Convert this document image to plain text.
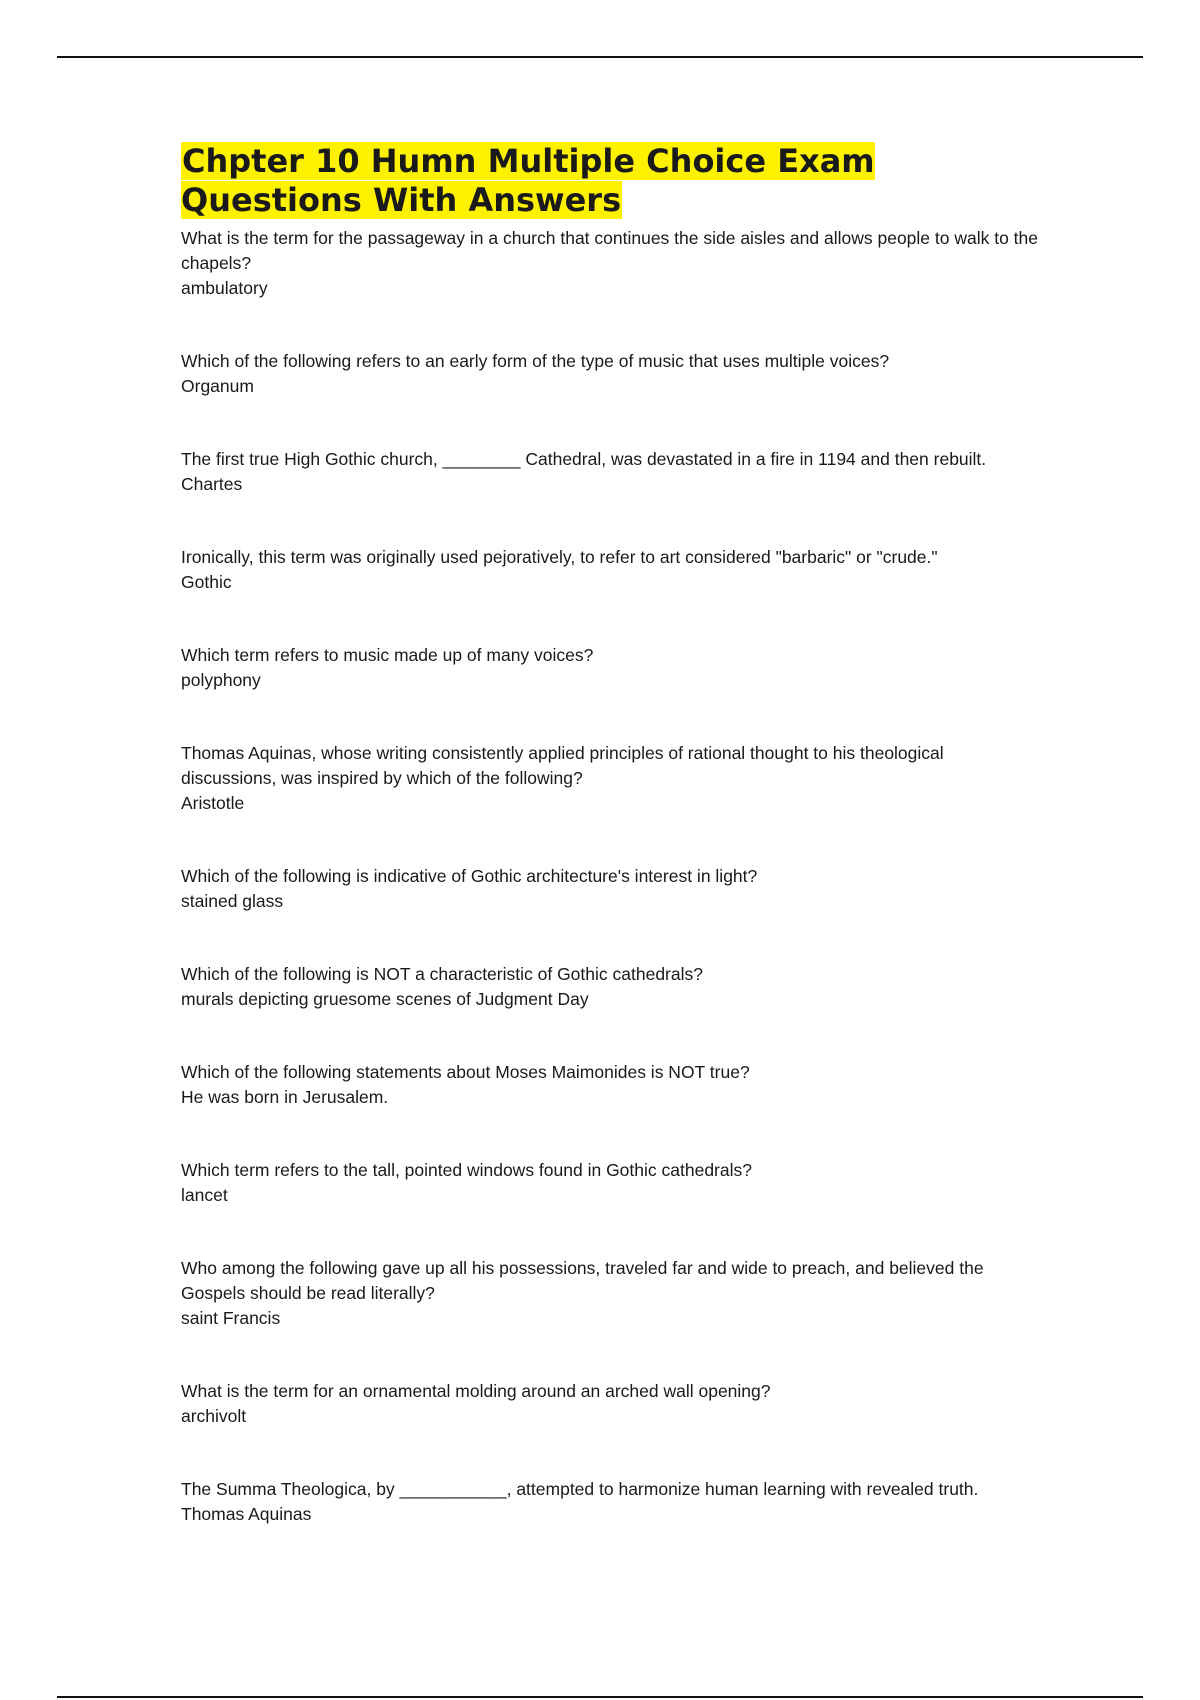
Chpter 10 Humn Multiple Choice Exam Questions With Answers
What is the term for the passageway in a church that continues the side aisles and allows people to walk to the chapels?
ambulatory
Which of the following refers to an early form of the type of music that uses multiple voices?
Organum
The first true High Gothic church, ________ Cathedral, was devastated in a fire in 1194 and then rebuilt.
Chartes
Ironically, this term was originally used pejoratively, to refer to art considered "barbaric" or "crude."
Gothic
Which term refers to music made up of many voices?
polyphony
Thomas Aquinas, whose writing consistently applied principles of rational thought to his theological discussions, was inspired by which of the following?
Aristotle
Which of the following is indicative of Gothic architecture's interest in light?
stained glass
Which of the following is NOT a characteristic of Gothic cathedrals?
murals depicting gruesome scenes of Judgment Day
Which of the following statements about Moses Maimonides is NOT true?
He was born in Jerusalem.
Which term refers to the tall, pointed windows found in Gothic cathedrals?
lancet
Who among the following gave up all his possessions, traveled far and wide to preach, and believed the Gospels should be read literally?
saint Francis
What is the term for an ornamental molding around an arched wall opening?
archivolt
The Summa Theologica, by ___________, attempted to harmonize human learning with revealed truth.
Thomas Aquinas
